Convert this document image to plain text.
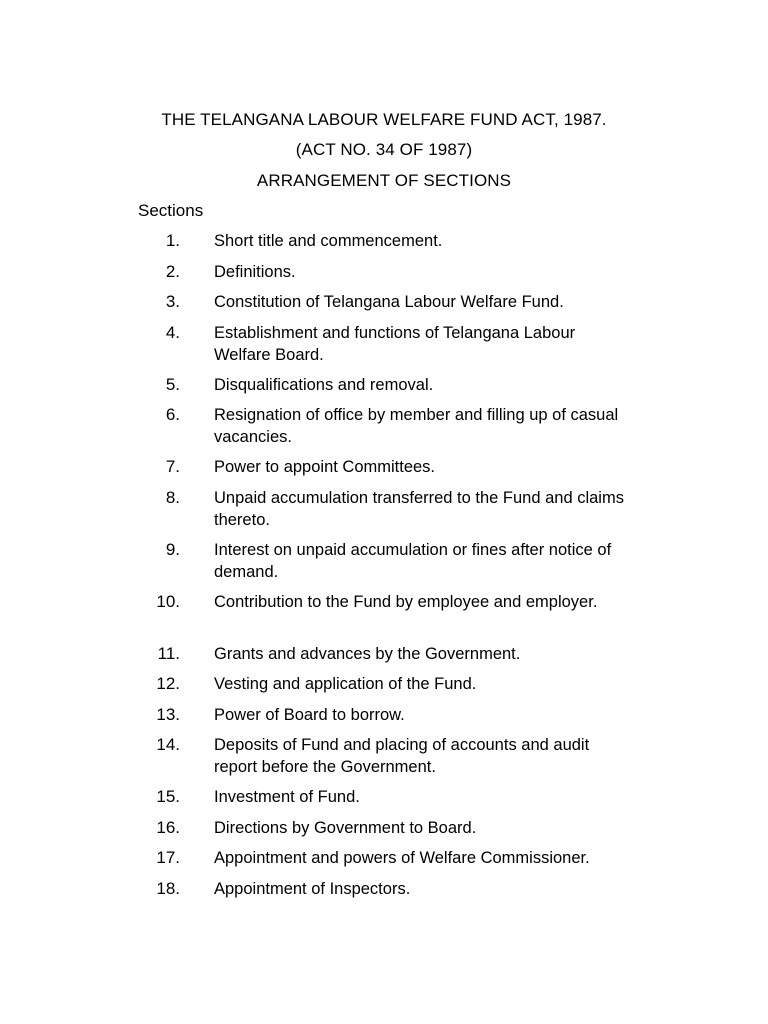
THE TELANGANA LABOUR WELFARE FUND ACT, 1987.
(ACT NO. 34 OF 1987)
ARRANGEMENT OF SECTIONS
Sections
1. Short title and commencement.
2. Definitions.
3. Constitution of Telangana Labour Welfare Fund.
4. Establishment and functions of Telangana Labour Welfare Board.
5. Disqualifications and removal.
6. Resignation of office by member and filling up of casual vacancies.
7. Power to appoint Committees.
8. Unpaid accumulation transferred to the Fund and claims thereto.
9. Interest on unpaid accumulation or fines after notice of demand.
10. Contribution to the Fund by employee and employer.
11. Grants and advances by the Government.
12. Vesting and application of the Fund.
13. Power of Board to borrow.
14. Deposits of Fund and placing of accounts and audit report before the Government.
15. Investment of Fund.
16. Directions by Government to Board.
17. Appointment and powers of Welfare Commissioner.
18. Appointment of Inspectors.
